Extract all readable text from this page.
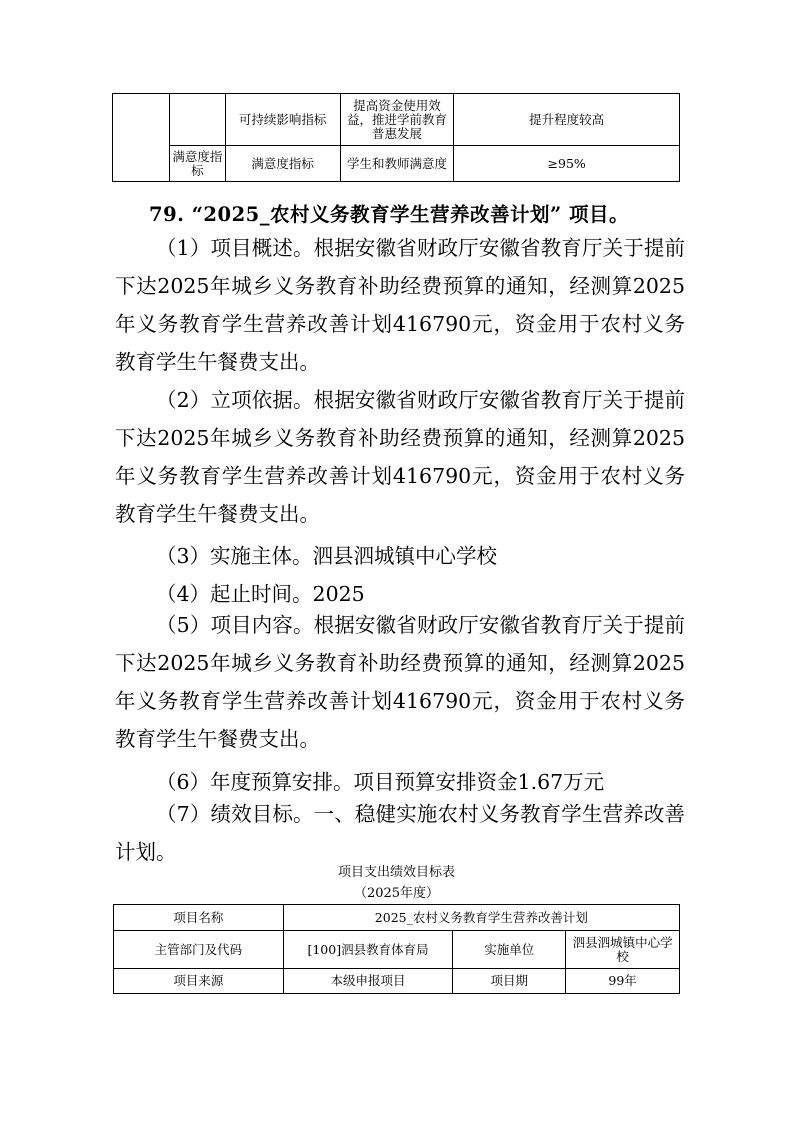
		可持续影响指标	提高资金使用效益，推进学前教育普惠发展	提升程度较高
	满意度指标	满意度指标	学生和教师满意度	≥95%
79. “2025_农村义务教育学生营养改善计划” 项目。

（1）项目概述。根据安徽省财政厅安徽省教育厅关于提前下达2025年城乡义务教育补助经费预算的通知，经测算2025年义务教育学生营养改善计划416790元，资金用于农村义务教育学生午餐费支出。

（2）立项依据。根据安徽省财政厅安徽省教育厅关于提前下达2025年城乡义务教育补助经费预算的通知，经测算2025年义务教育学生营养改善计划416790元，资金用于农村义务教育学生午餐费支出。

（3）实施主体。泗县泗城镇中心学校
（4）起止时间。2025

（5）项目内容。根据安徽省财政厅安徽省教育厅关于提前下达2025年城乡义务教育补助经费预算的通知，经测算2025年义务教育学生营养改善计划416790元，资金用于农村义务教育学生午餐费支出。

（6）年度预算安排。项目预算安排资金1.67万元

（7）绩效目标。一、稳健实施农村义务教育学生营养改善计划。

项目支出绩效目标表
（2025年度）
项目名称	2025_农村义务教育学生营养改善计划		
主管部门及代码	[100]泗县教育体育局	实施单位	泗县泗城镇中心学校
项目来源	本级申报项目	项目期	99年
